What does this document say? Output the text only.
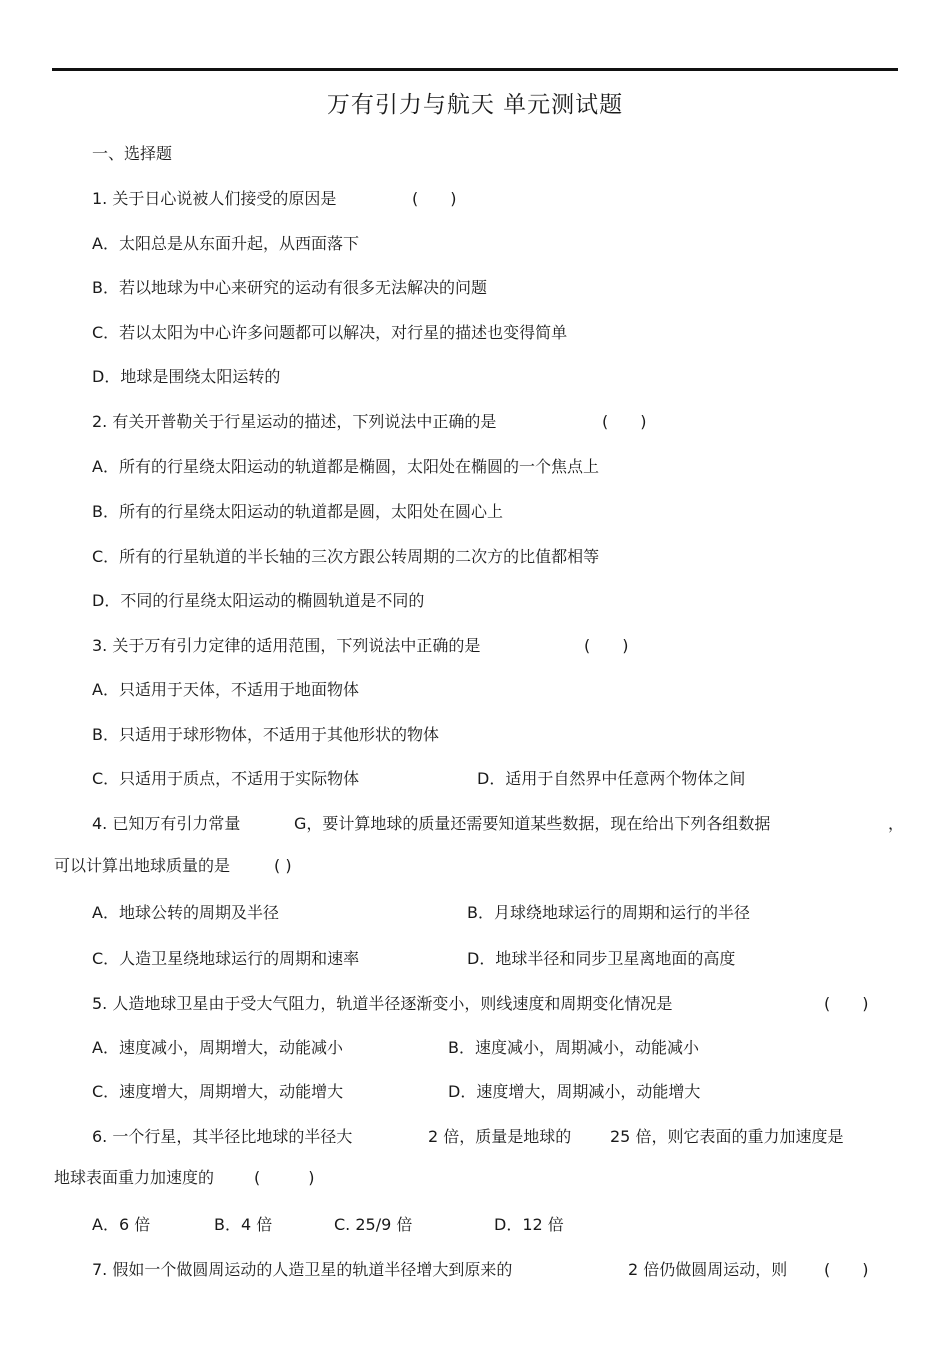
万有引力与航天 单元测试题
一、选择题
1. 关于日心说被人们接受的原因是	(　　)
A．太阳总是从东面升起，从西面落下
B．若以地球为中心来研究的运动有很多无法解决的问题
C．若以太阳为中心许多问题都可以解决，对行星的描述也变得简单
D．地球是围绕太阳运转的
2. 有关开普勒关于行星运动的描述，下列说法中正确的是	(　　)
A．所有的行星绕太阳运动的轨道都是椭圆，太阳处在椭圆的一个焦点上
B．所有的行星绕太阳运动的轨道都是圆，太阳处在圆心上
C．所有的行星轨道的半长轴的三次方跟公转周期的二次方的比值都相等
D．不同的行星绕太阳运动的椭圆轨道是不同的
3. 关于万有引力定律的适用范围，下列说法中正确的是	(　　)
A．只适用于天体，不适用于地面物体
B．只适用于球形物体，不适用于其他形状的物体
C．只适用于质点，不适用于实际物体	D．适用于自然界中任意两个物体之间
4. 已知万有引力常量	G，要计算地球的质量还需要知道某些数据，现在给出下列各组数据	，
可以计算出地球质量的是	( )
A．地球公转的周期及半径	B．月球绕地球运行的周期和运行的半径
C．人造卫星绕地球运行的周期和速率	D．地球半径和同步卫星离地面的高度
5. 人造地球卫星由于受大气阻力，轨道半径逐渐变小，则线速度和周期变化情况是	(　　)
A．速度减小，周期增大，动能减小	B．速度减小，周期减小，动能减小
C．速度增大，周期增大，动能增大	D．速度增大，周期减小，动能增大
6. 一个行星，其半径比地球的半径大	2 倍，质量是地球的 25 倍，则它表面的重力加速度是
地球表面重力加速度的 (　　　)
A．6 倍	B．4 倍	C. 25/9 倍	D．12 倍
7. 假如一个做圆周运动的人造卫星的轨道半径增大到原来的	2 倍仍做圆周运动，则 (　　)
